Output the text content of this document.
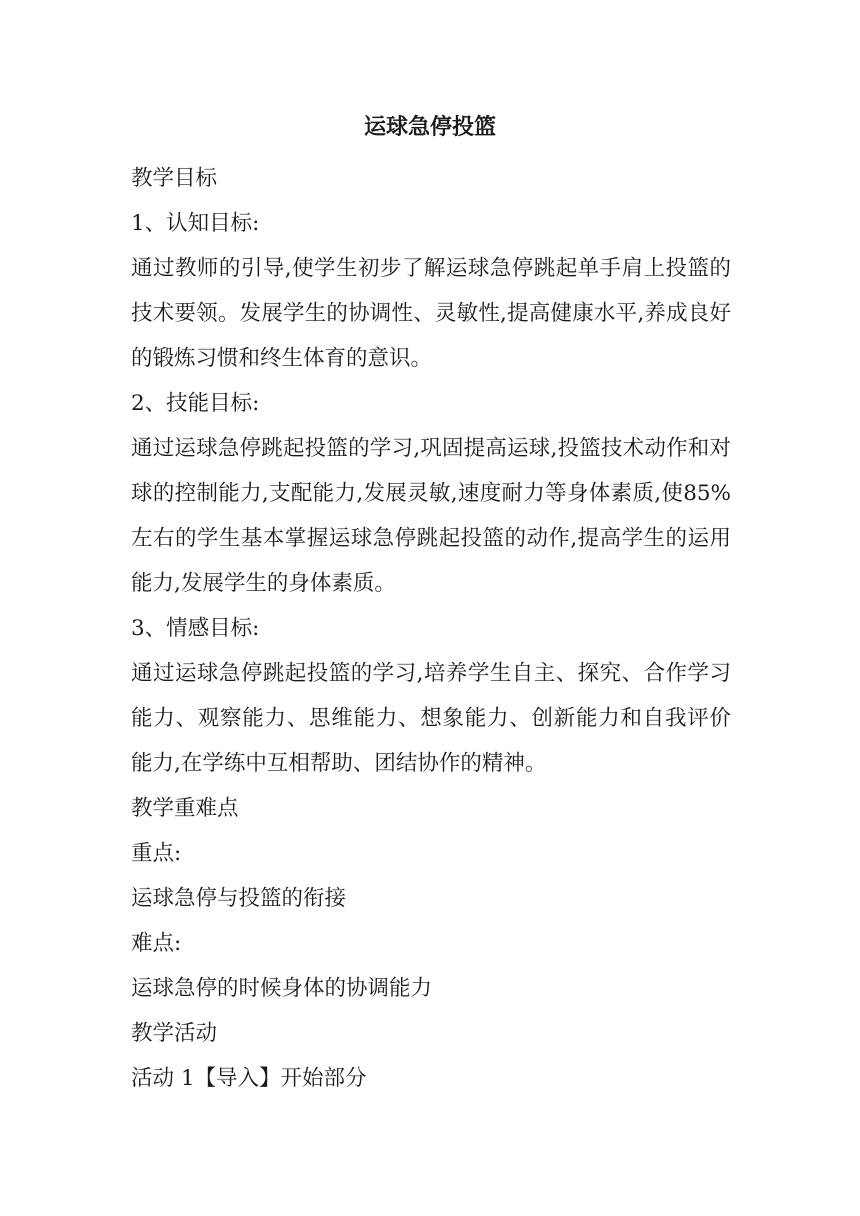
运球急停投篮

教学目标

1、认知目标:

通过教师的引导,使学生初步了解运球急停跳起单手肩上投篮的技术要领。发展学生的协调性、灵敏性,提高健康水平,养成良好的锻炼习惯和终生体育的意识。

2、技能目标:

通过运球急停跳起投篮的学习,巩固提高运球,投篮技术动作和对球的控制能力,支配能力,发展灵敏,速度耐力等身体素质,使85%左右的学生基本掌握运球急停跳起投篮的动作,提高学生的运用能力,发展学生的身体素质。

3、情感目标:

通过运球急停跳起投篮的学习,培养学生自主、探究、合作学习能力、观察能力、思维能力、想象能力、创新能力和自我评价能力,在学练中互相帮助、团结协作的精神。

教学重难点

重点:

运球急停与投篮的衔接

难点:

运球急停的时候身体的协调能力

教学活动

活动 1【导入】开始部分
